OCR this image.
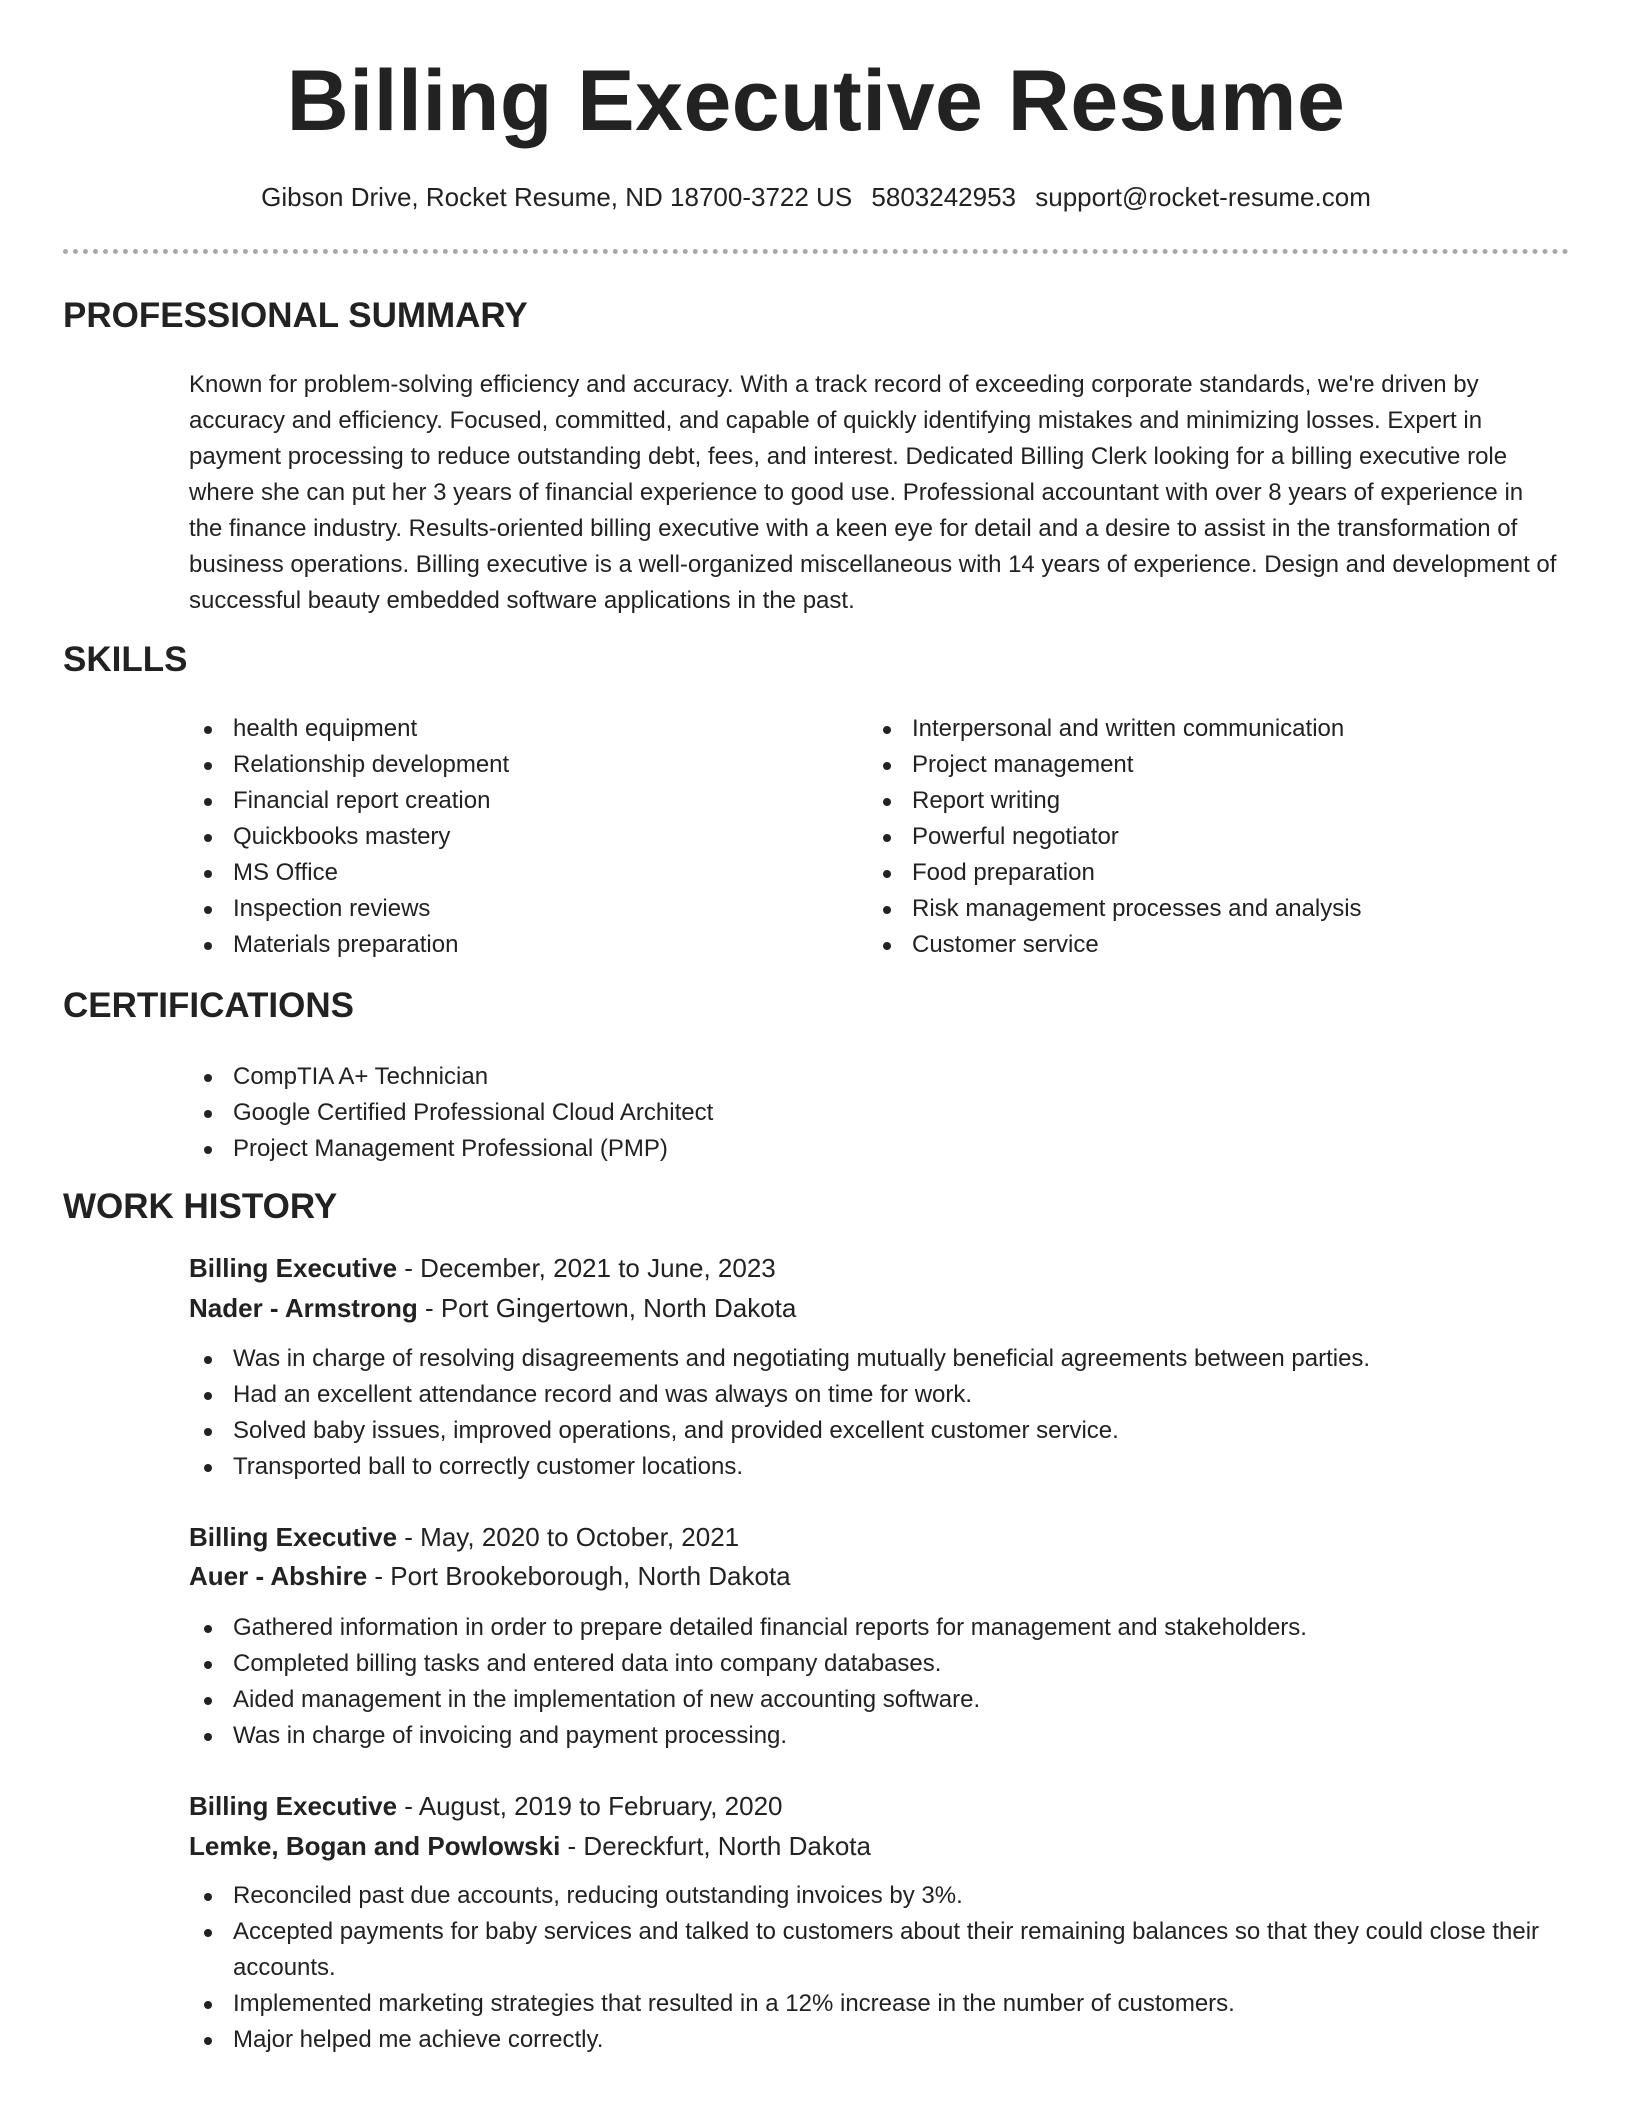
Billing Executive Resume
Gibson Drive, Rocket Resume, ND 18700-3722 US 5803242953 support@rocket-resume.com
PROFESSIONAL SUMMARY

Known for problem-solving efficiency and accuracy. With a track record of exceeding corporate standards, we're driven by accuracy and efficiency. Focused, committed, and capable of quickly identifying mistakes and minimizing losses. Expert in payment processing to reduce outstanding debt, fees, and interest. Dedicated Billing Clerk looking for a billing executive role where she can put her 3 years of financial experience to good use. Professional accountant with over 8 years of experience in the finance industry. Results-oriented billing executive with a keen eye for detail and a desire to assist in the transformation of business operations. Billing executive is a well-organized miscellaneous with 14 years of experience. Design and development of successful beauty embedded software applications in the past.

SKILLS
health equipment
Relationship development
Financial report creation
Quickbooks mastery
MS Office
Inspection reviews
Materials preparation
Interpersonal and written communication
Project management
Report writing
Powerful negotiator
Food preparation
Risk management processes and analysis
Customer service
CERTIFICATIONS
CompTIA A+ Technician
Google Certified Professional Cloud Architect
Project Management Professional (PMP)
WORK HISTORY
Billing Executive - December, 2021 to June, 2023
Nader - Armstrong - Port Gingertown, North Dakota
Was in charge of resolving disagreements and negotiating mutually beneficial agreements between parties.
Had an excellent attendance record and was always on time for work.
Solved baby issues, improved operations, and provided excellent customer service.
Transported ball to correctly customer locations.
Billing Executive - May, 2020 to October, 2021
Auer - Abshire - Port Brookeborough, North Dakota
Gathered information in order to prepare detailed financial reports for management and stakeholders.
Completed billing tasks and entered data into company databases.
Aided management in the implementation of new accounting software.
Was in charge of invoicing and payment processing.
Billing Executive - August, 2019 to February, 2020
Lemke, Bogan and Powlowski - Dereckfurt, North Dakota
Reconciled past due accounts, reducing outstanding invoices by 3%.
Accepted payments for baby services and talked to customers about their remaining balances so that they could close their accounts.
Implemented marketing strategies that resulted in a 12% increase in the number of customers.
Major helped me achieve correctly.
